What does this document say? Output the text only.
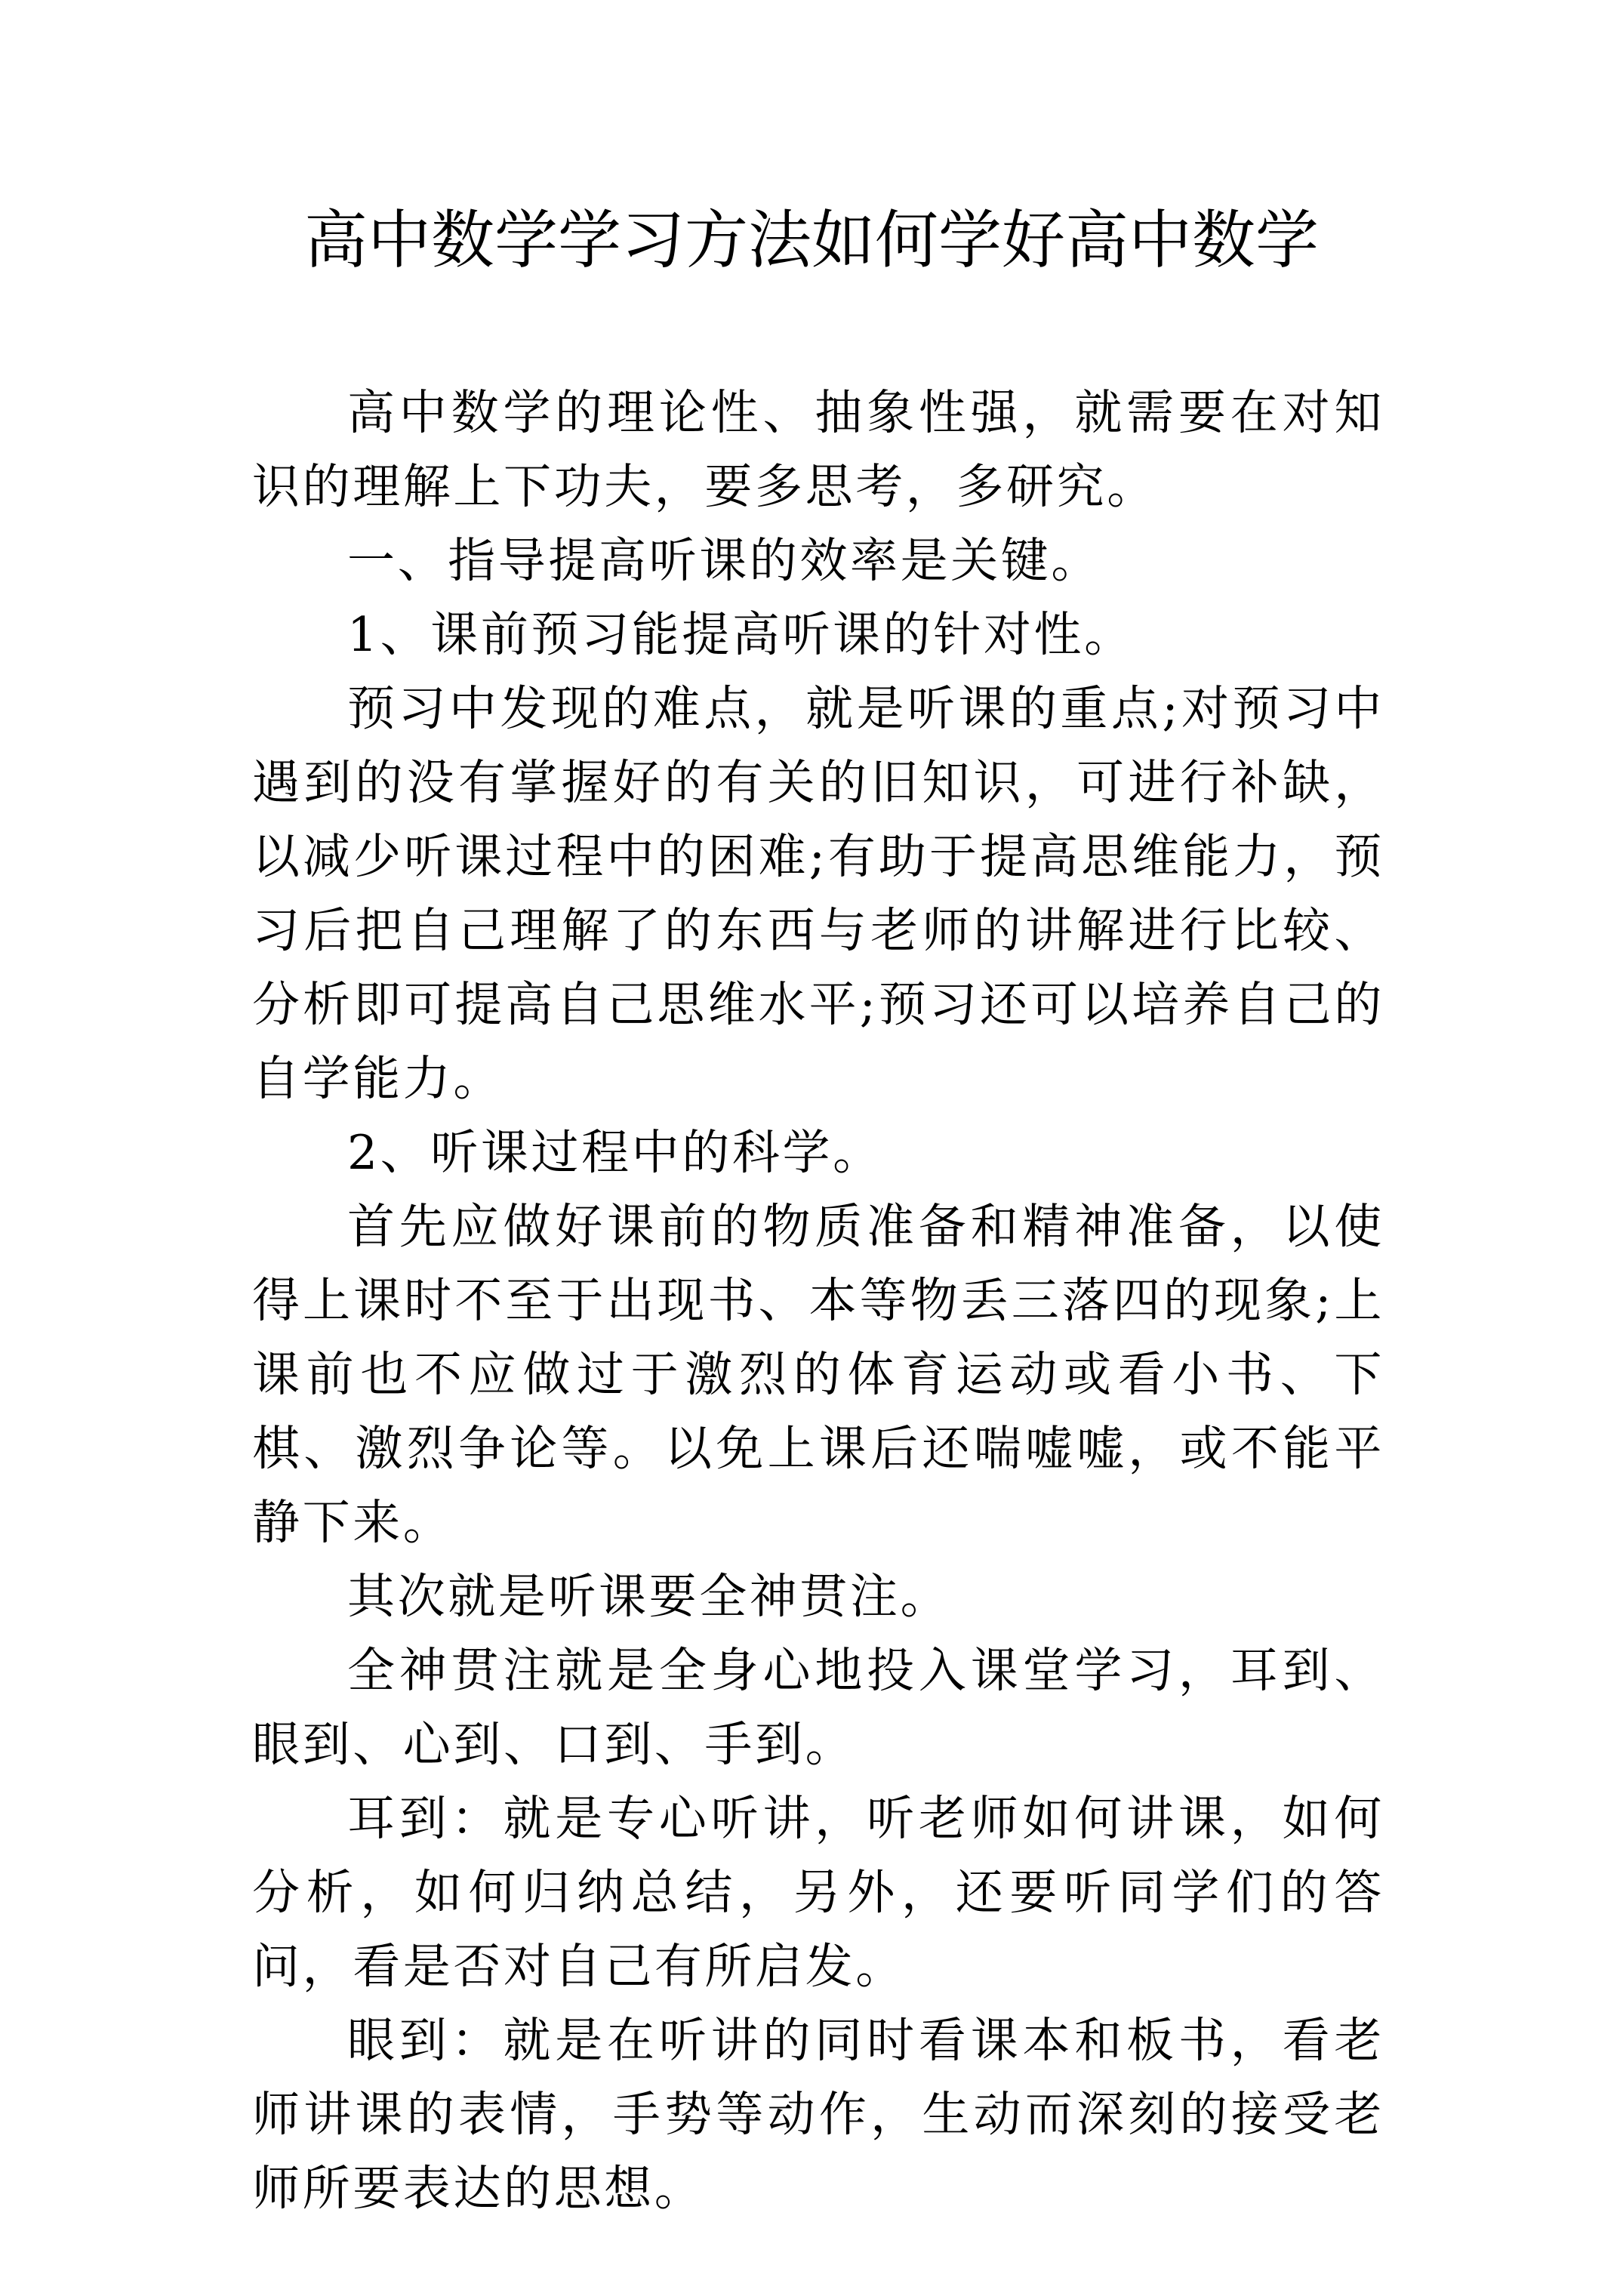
高中数学学习方法如何学好高中数学

高中数学的理论性、抽象性强，就需要在对知识的理解上下功夫，要多思考，多研究。

一、指导提高听课的效率是关键。

1、课前预习能提高听课的针对性。

预习中发现的难点，就是听课的重点;对预习中遇到的没有掌握好的有关的旧知识，可进行补缺，以减少听课过程中的困难;有助于提高思维能力，预习后把自己理解了的东西与老师的讲解进行比较、分析即可提高自己思维水平;预习还可以培养自己的自学能力。

2、听课过程中的科学。

首先应做好课前的物质准备和精神准备，以使得上课时不至于出现书、本等物丢三落四的现象;上课前也不应做过于激烈的体育运动或看小书、下棋、激烈争论等。以免上课后还喘嘘嘘，或不能平静下来。

其次就是听课要全神贯注。

全神贯注就是全身心地投入课堂学习，耳到、眼到、心到、口到、手到。

耳到：就是专心听讲，听老师如何讲课，如何分析，如何归纳总结，另外，还要听同学们的答问，看是否对自己有所启发。

眼到：就是在听讲的同时看课本和板书，看老师讲课的表情，手势等动作，生动而深刻的接受老师所要表达的思想。
